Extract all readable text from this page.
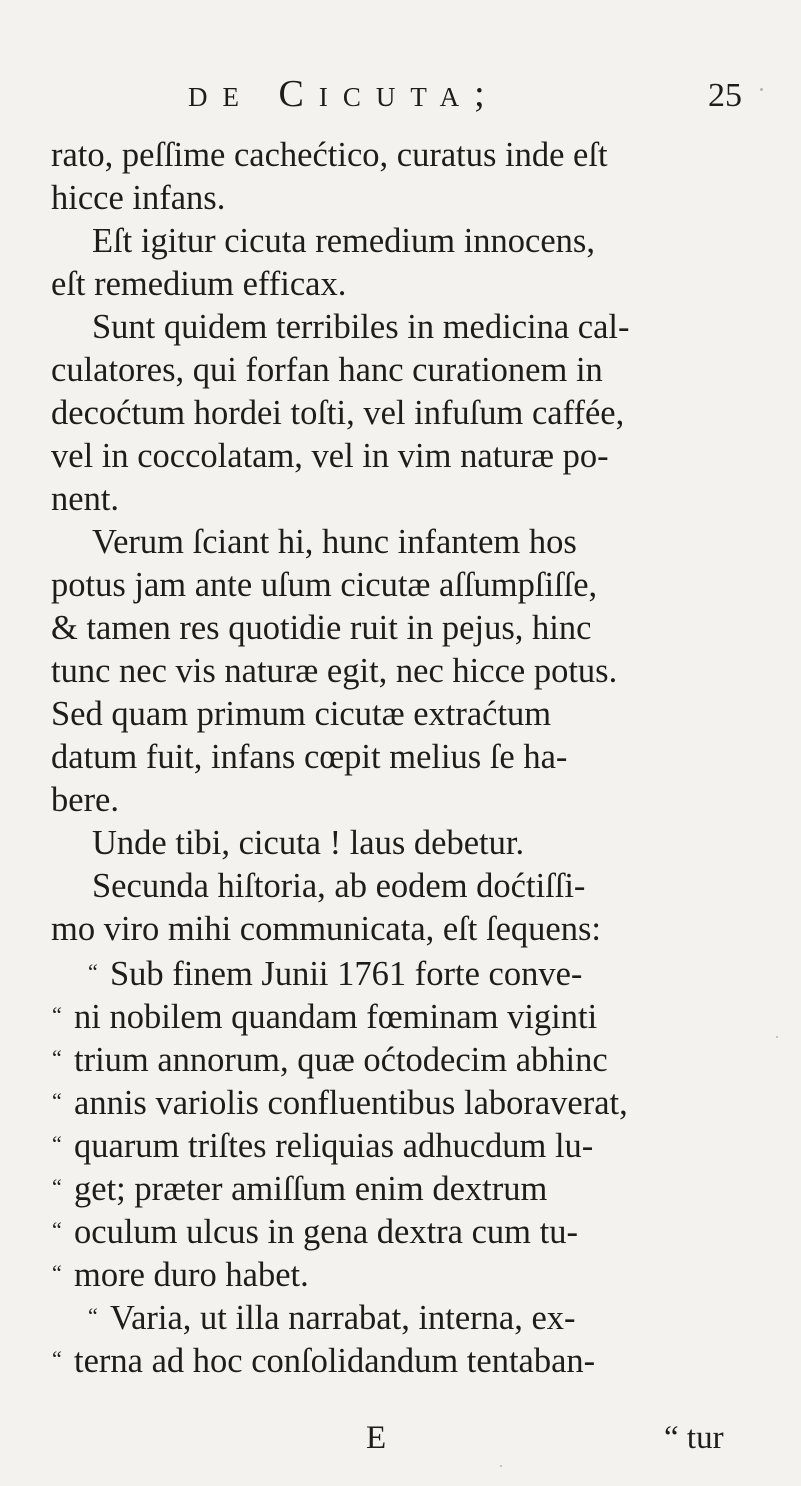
de Cicuta;	25
rato, peſſime cachećtico, curatus inde eſt
hicce infans.
Eſt igitur cicuta remedium innocens,
eſt remedium efficax.
Sunt quidem terribiles in medicina cal-
culatores, qui forfan hanc curationem in
decoćtum hordei toſti, vel infuſum caffée,
vel in coccolatam, vel in vim naturæ po-
nent.
Verum ſciant hi, hunc infantem hos
potus jam ante uſum cicutæ aſſumpſiſſe,
& tamen res quotidie ruit in pejus, hinc
tunc nec vis naturæ egit, nec hicce potus.
Sed quam primum cicutæ extraćtum
datum fuit, infans cœpit melius ſe ha-
bere.
Unde tibi, cicuta ! laus debetur.
Secunda hiſtoria, ab eodem doćtiſſi-
mo viro mihi communicata, eſt ſequens:
“ Sub finem Junii 1761 forte conve-
“ ni nobilem quandam fœminam viginti
“ trium annorum, quæ oćtodecim abhinc
“ annis variolis confluentibus laboraverat,
“ quarum triſtes reliquias adhucdum lu-
“ get; præter amiſſum enim dextrum
“ oculum ulcus in gena dextra cum tu-
“ more duro habet.
“ Varia, ut illa narrabat, interna, ex-
“ terna ad hoc conſolidandum tentaban-
E	“ tur
